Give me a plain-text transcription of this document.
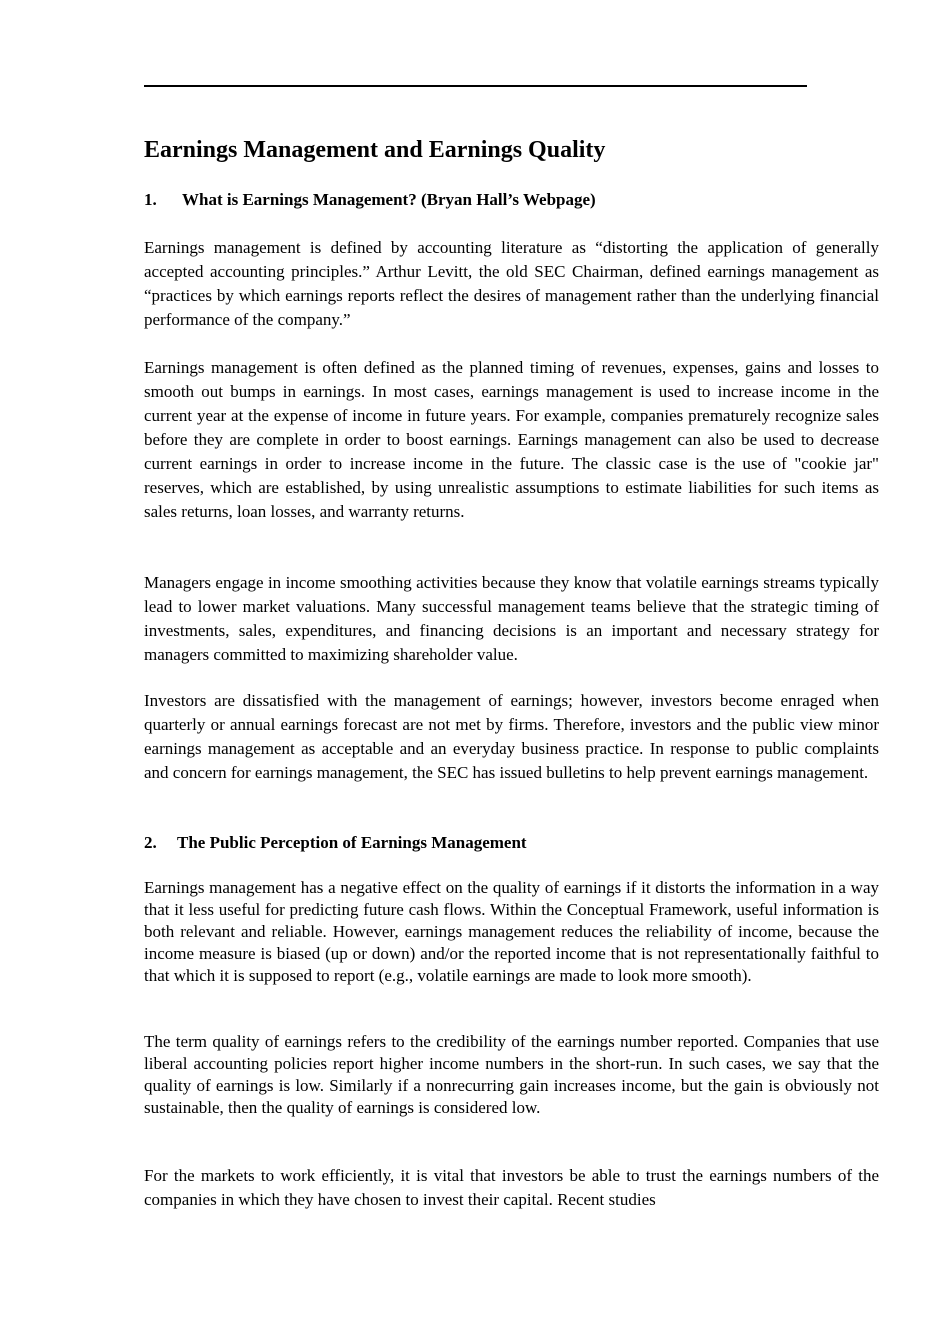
Earnings Management and Earnings Quality
1. What is Earnings Management? (Bryan Hall’s Webpage)

Earnings management is defined by accounting literature as “distorting the application of generally accepted accounting principles.” Arthur Levitt, the old SEC Chairman, defined earnings management as “practices by which earnings reports reflect the desires of management rather than the underlying financial performance of the company.”

Earnings management is often defined as the planned timing of revenues, expenses, gains and losses to smooth out bumps in earnings. In most cases, earnings management is used to increase income in the current year at the expense of income in future years. For example, companies prematurely recognize sales before they are complete in order to boost earnings. Earnings management can also be used to decrease current earnings in order to increase income in the future. The classic case is the use of "cookie jar" reserves, which are established, by using unrealistic assumptions to estimate liabilities for such items as sales returns, loan losses, and warranty returns.

Managers engage in income smoothing activities because they know that volatile earnings streams typically lead to lower market valuations. Many successful management teams believe that the strategic timing of investments, sales, expenditures, and financing decisions is an important and necessary strategy for managers committed to maximizing shareholder value.

Investors are dissatisfied with the management of earnings; however, investors become enraged when quarterly or annual earnings forecast are not met by firms. Therefore, investors and the public view minor earnings management as acceptable and an everyday business practice. In response to public complaints and concern for earnings management, the SEC has issued bulletins to help prevent earnings management.

2. The Public Perception of Earnings Management

Earnings management has a negative effect on the quality of earnings if it distorts the information in a way that it less useful for predicting future cash flows. Within the Conceptual Framework, useful information is both relevant and reliable. However, earnings management reduces the reliability of income, because the income measure is biased (up or down) and/or the reported income that is not representationally faithful to that which it is supposed to report (e.g., volatile earnings are made to look more smooth).

The term quality of earnings refers to the credibility of the earnings number reported. Companies that use liberal accounting policies report higher income numbers in the short-run. In such cases, we say that the quality of earnings is low. Similarly if a nonrecurring gain increases income, but the gain is obviously not sustainable, then the quality of earnings is considered low.

For the markets to work efficiently, it is vital that investors be able to trust the earnings numbers of the companies in which they have chosen to invest their capital. Recent studies
